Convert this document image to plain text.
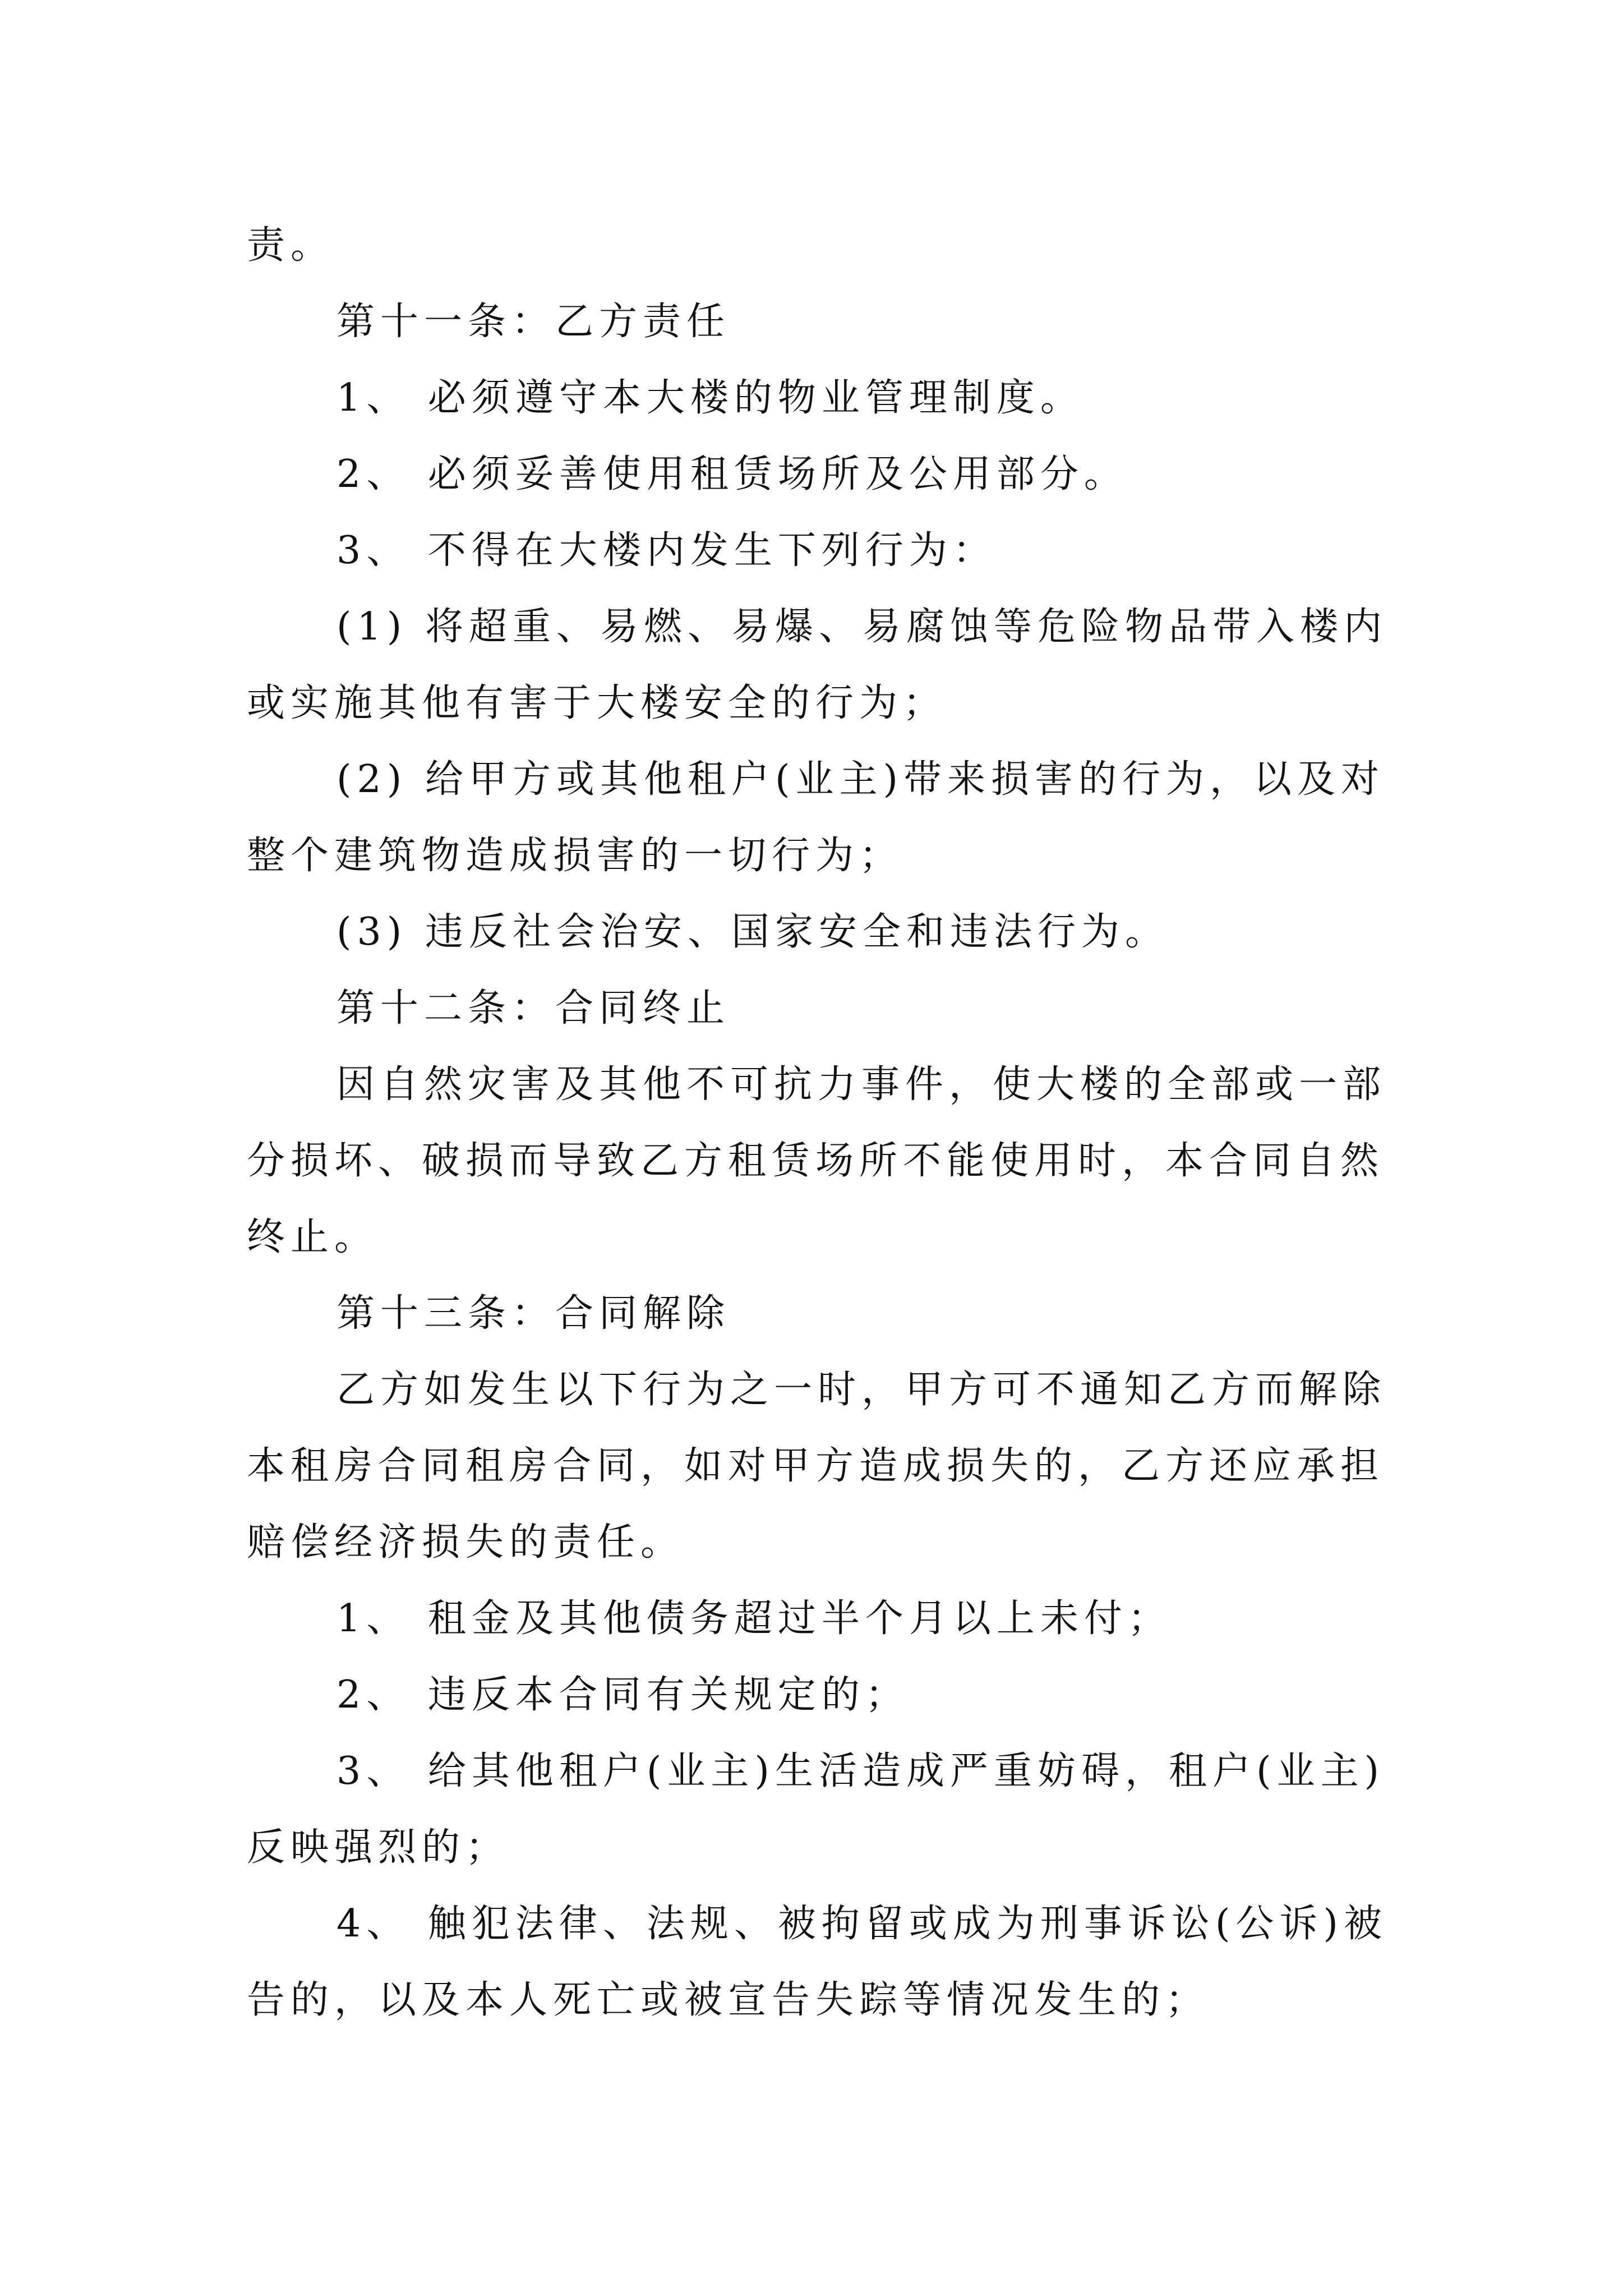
责。

第十一条：乙方责任

1、 必须遵守本大楼的物业管理制度。

2、 必须妥善使用租赁场所及公用部分。

3、 不得在大楼内发生下列行为：

(1) 将超重、易燃、易爆、易腐蚀等危险物品带入楼内或实施其他有害于大楼安全的行为；

(2) 给甲方或其他租户(业主)带来损害的行为，以及对整个建筑物造成损害的一切行为；

(3) 违反社会治安、国家安全和违法行为。

第十二条：合同终止

因自然灾害及其他不可抗力事件，使大楼的全部或一部分损坏、破损而导致乙方租赁场所不能使用时，本合同自然终止。

第十三条：合同解除

乙方如发生以下行为之一时，甲方可不通知乙方而解除本租房合同租房合同，如对甲方造成损失的，乙方还应承担赔偿经济损失的责任。

1、 租金及其他债务超过半个月以上未付；

2、 违反本合同有关规定的；

3、 给其他租户(业主)生活造成严重妨碍，租户(业主)反映强烈的；

4、 触犯法律、法规、被拘留或成为刑事诉讼(公诉)被告的，以及本人死亡或被宣告失踪等情况发生的；
